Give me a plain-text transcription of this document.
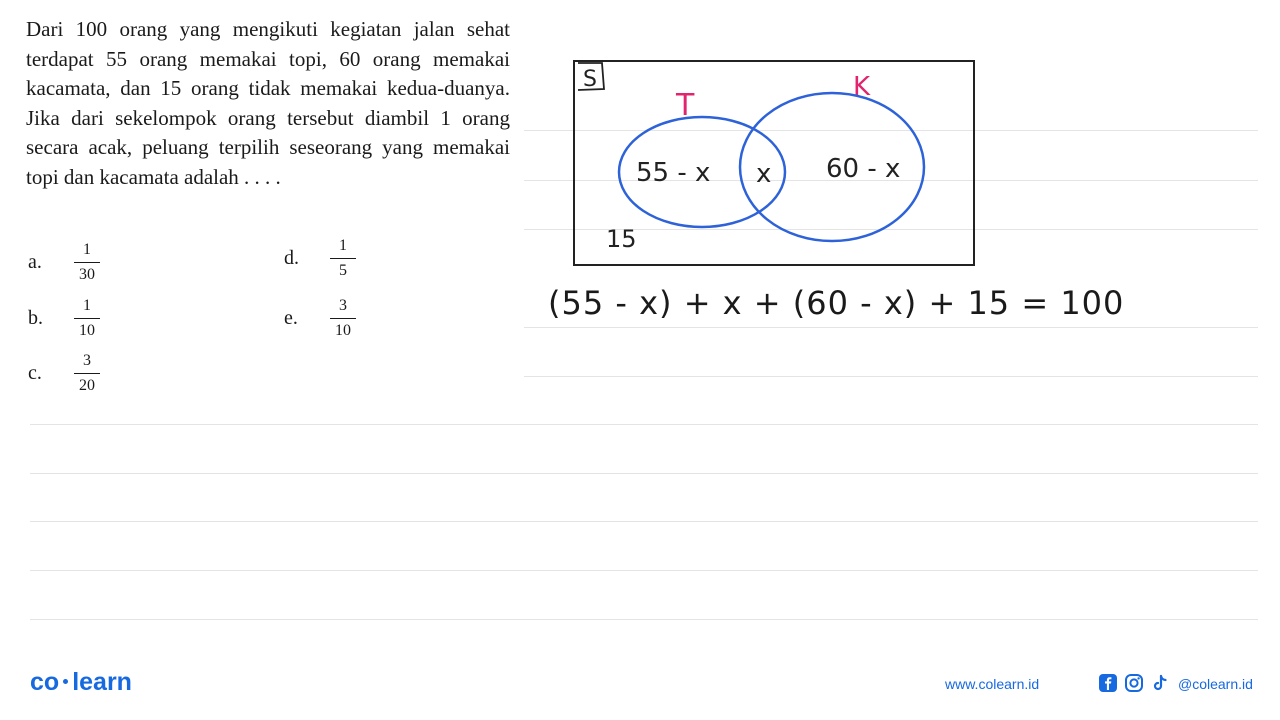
Dari 100 orang yang mengikuti kegiatan jalan sehat terdapat 55 orang memakai topi, 60 orang memakai kacamata, dan 15 orang tidak memakai kedua-duanya. Jika dari sekelompok orang tersebut diambil 1 orang secara acak, peluang terpilih seseorang yang memakai topi dan kacamata adalah . . . .

a.	$\frac{1}{30}$
b.	$\frac{1}{10}$
c.	$\frac{3}{20}$
d.	$\frac{1}{5}$
e.	$\frac{3}{10}$
S
T
K
55 - x x 60 - x
15
(55 - x) + x + (60 - x) + 15 = 100
co learn	www.colearn.id	@colearn.id
